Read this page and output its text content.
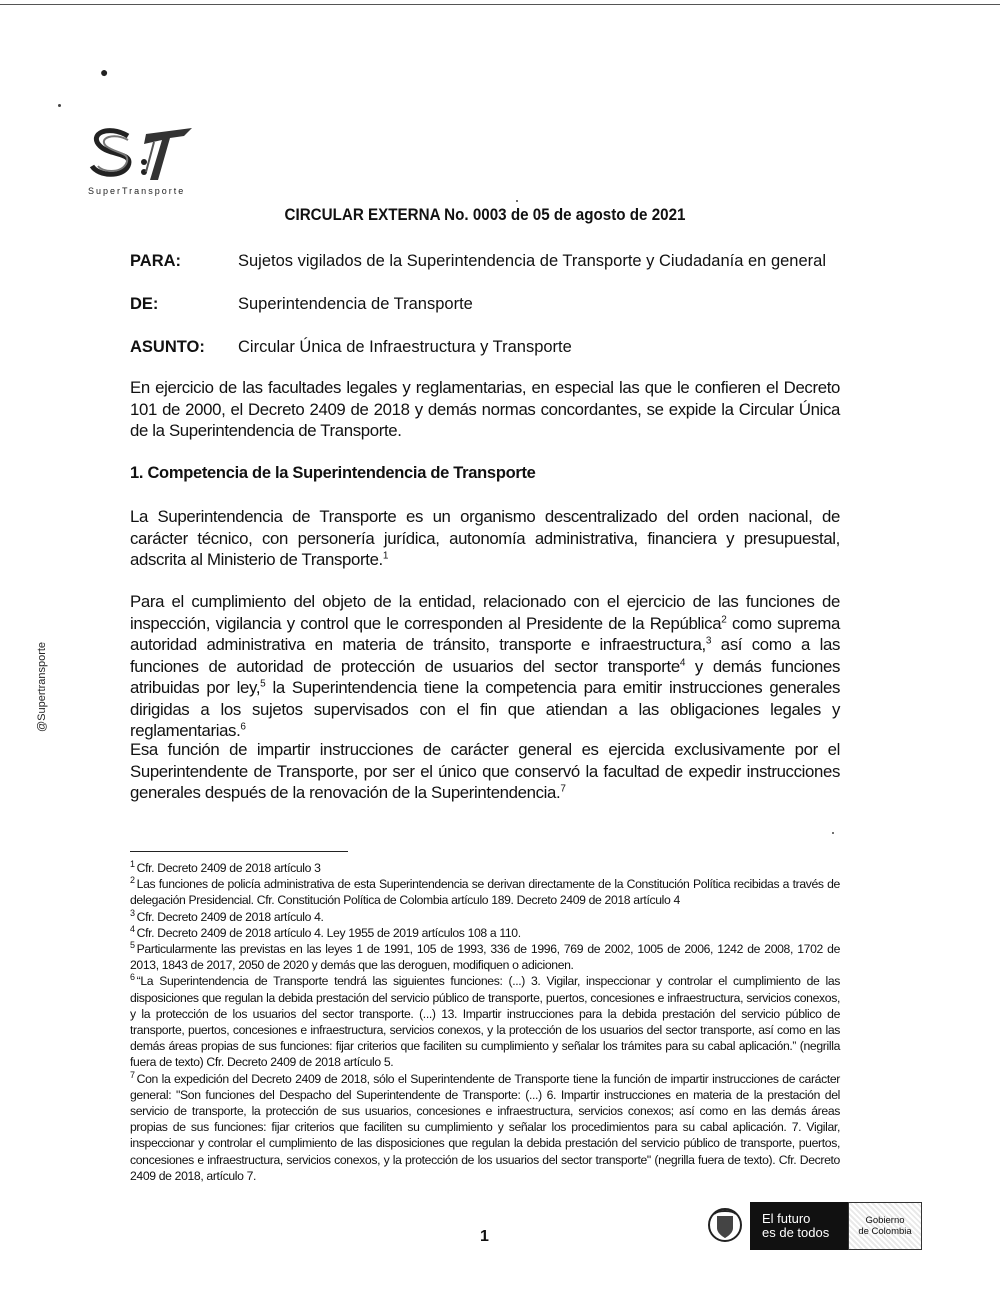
●
SuperTransporte
@Supertransporte
CIRCULAR EXTERNA No. 0003 de 05 de agosto de 2021
PARA:	Sujetos vigilados de la Superintendencia de Transporte y Ciudadanía en general
DE:	Superintendencia de Transporte
ASUNTO: Circular Única de Infraestructura y Transporte
En ejercicio de las facultades legales y reglamentarias, en especial las que le confieren el Decreto 101 de 2000, el Decreto 2409 de 2018 y demás normas concordantes, se expide la Circular Única de la Superintendencia de Transporte.
1. Competencia de la Superintendencia de Transporte
La Superintendencia de Transporte es un organismo descentralizado del orden nacional, de carácter técnico, con personería jurídica, autonomía administrativa, financiera y presupuestal, adscrita al Ministerio de Transporte.$^1$
Para el cumplimiento del objeto de la entidad, relacionado con el ejercicio de las funciones de inspección, vigilancia y control que le corresponden al Presidente de la República$^2$ como suprema autoridad administrativa en materia de tránsito, transporte e infraestructura,$^3$ así como a las funciones de autoridad de protección de usuarios del sector transporte$^4$ y demás funciones atribuidas por ley,$^5$ la Superintendencia tiene la competencia para emitir instrucciones generales dirigidas a los sujetos supervisados con el fin que atiendan a las obligaciones legales y reglamentarias.$^6$
Esa función de impartir instrucciones de carácter general es ejercida exclusivamente por el Superintendente de Transporte, por ser el único que conservó la facultad de expedir instrucciones generales después de la renovación de la Superintendencia.$^7$

$^1$ Cfr. Decreto 2409 de 2018 artículo 3

$^2$ Las funciones de policía administrativa de esta Superintendencia se derivan directamente de la Constitución Política recibidas a través de delegación Presidencial. Cfr. Constitución Política de Colombia artículo 189. Decreto 2409 de 2018 artículo 4

$^3$ Cfr. Decreto 2409 de 2018 artículo 4.

$^4$ Cfr. Decreto 2409 de 2018 artículo 4. Ley 1955 de 2019 artículos 108 a 110.

$^5$ Particularmente las previstas en las leyes 1 de 1991, 105 de 1993, 336 de 1996, 769 de 2002, 1005 de 2006, 1242 de 2008, 1702 de 2013, 1843 de 2017, 2050 de 2020 y demás que las deroguen, modifiquen o adicionen.

$^6$ “La Superintendencia de Transporte tendrá las siguientes funciones: (...) 3. Vigilar, inspeccionar y controlar el cumplimiento de las disposiciones que regulan la debida prestación del servicio público de transporte, puertos, concesiones e infraestructura, servicios conexos, y la protección de los usuarios del sector transporte. (...) 13. Impartir instrucciones para la debida prestación del servicio público de transporte, puertos, concesiones e infraestructura, servicios conexos, y la protección de los usuarios del sector transporte, así como en las demás áreas propias de sus funciones: fijar criterios que faciliten su cumplimiento y señalar los trámites para su cabal aplicación.” (negrilla fuera de texto) Cfr. Decreto 2409 de 2018 artículo 5.

$^7$ Con la expedición del Decreto 2409 de 2018, sólo el Superintendente de Transporte tiene la función de impartir instrucciones de carácter general: "Son funciones del Despacho del Superintendente de Transporte: (...) 6. Impartir instrucciones en materia de la prestación del servicio de transporte, la protección de sus usuarios, concesiones e infraestructura, servicios conexos; así como en las demás áreas propias de sus funciones: fijar criterios que faciliten su cumplimiento y señalar los procedimientos para su cabal aplicación. 7. Vigilar, inspeccionar y controlar el cumplimiento de las disposiciones que regulan la debida prestación del servicio público de transporte, puertos, concesiones e infraestructura, servicios conexos, y la protección de los usuarios del sector transporte" (negrilla fuera de texto). Cfr. Decreto 2409 de 2018, artículo 7.

1
El futuro
es de todos
Gobierno
de Colombia
